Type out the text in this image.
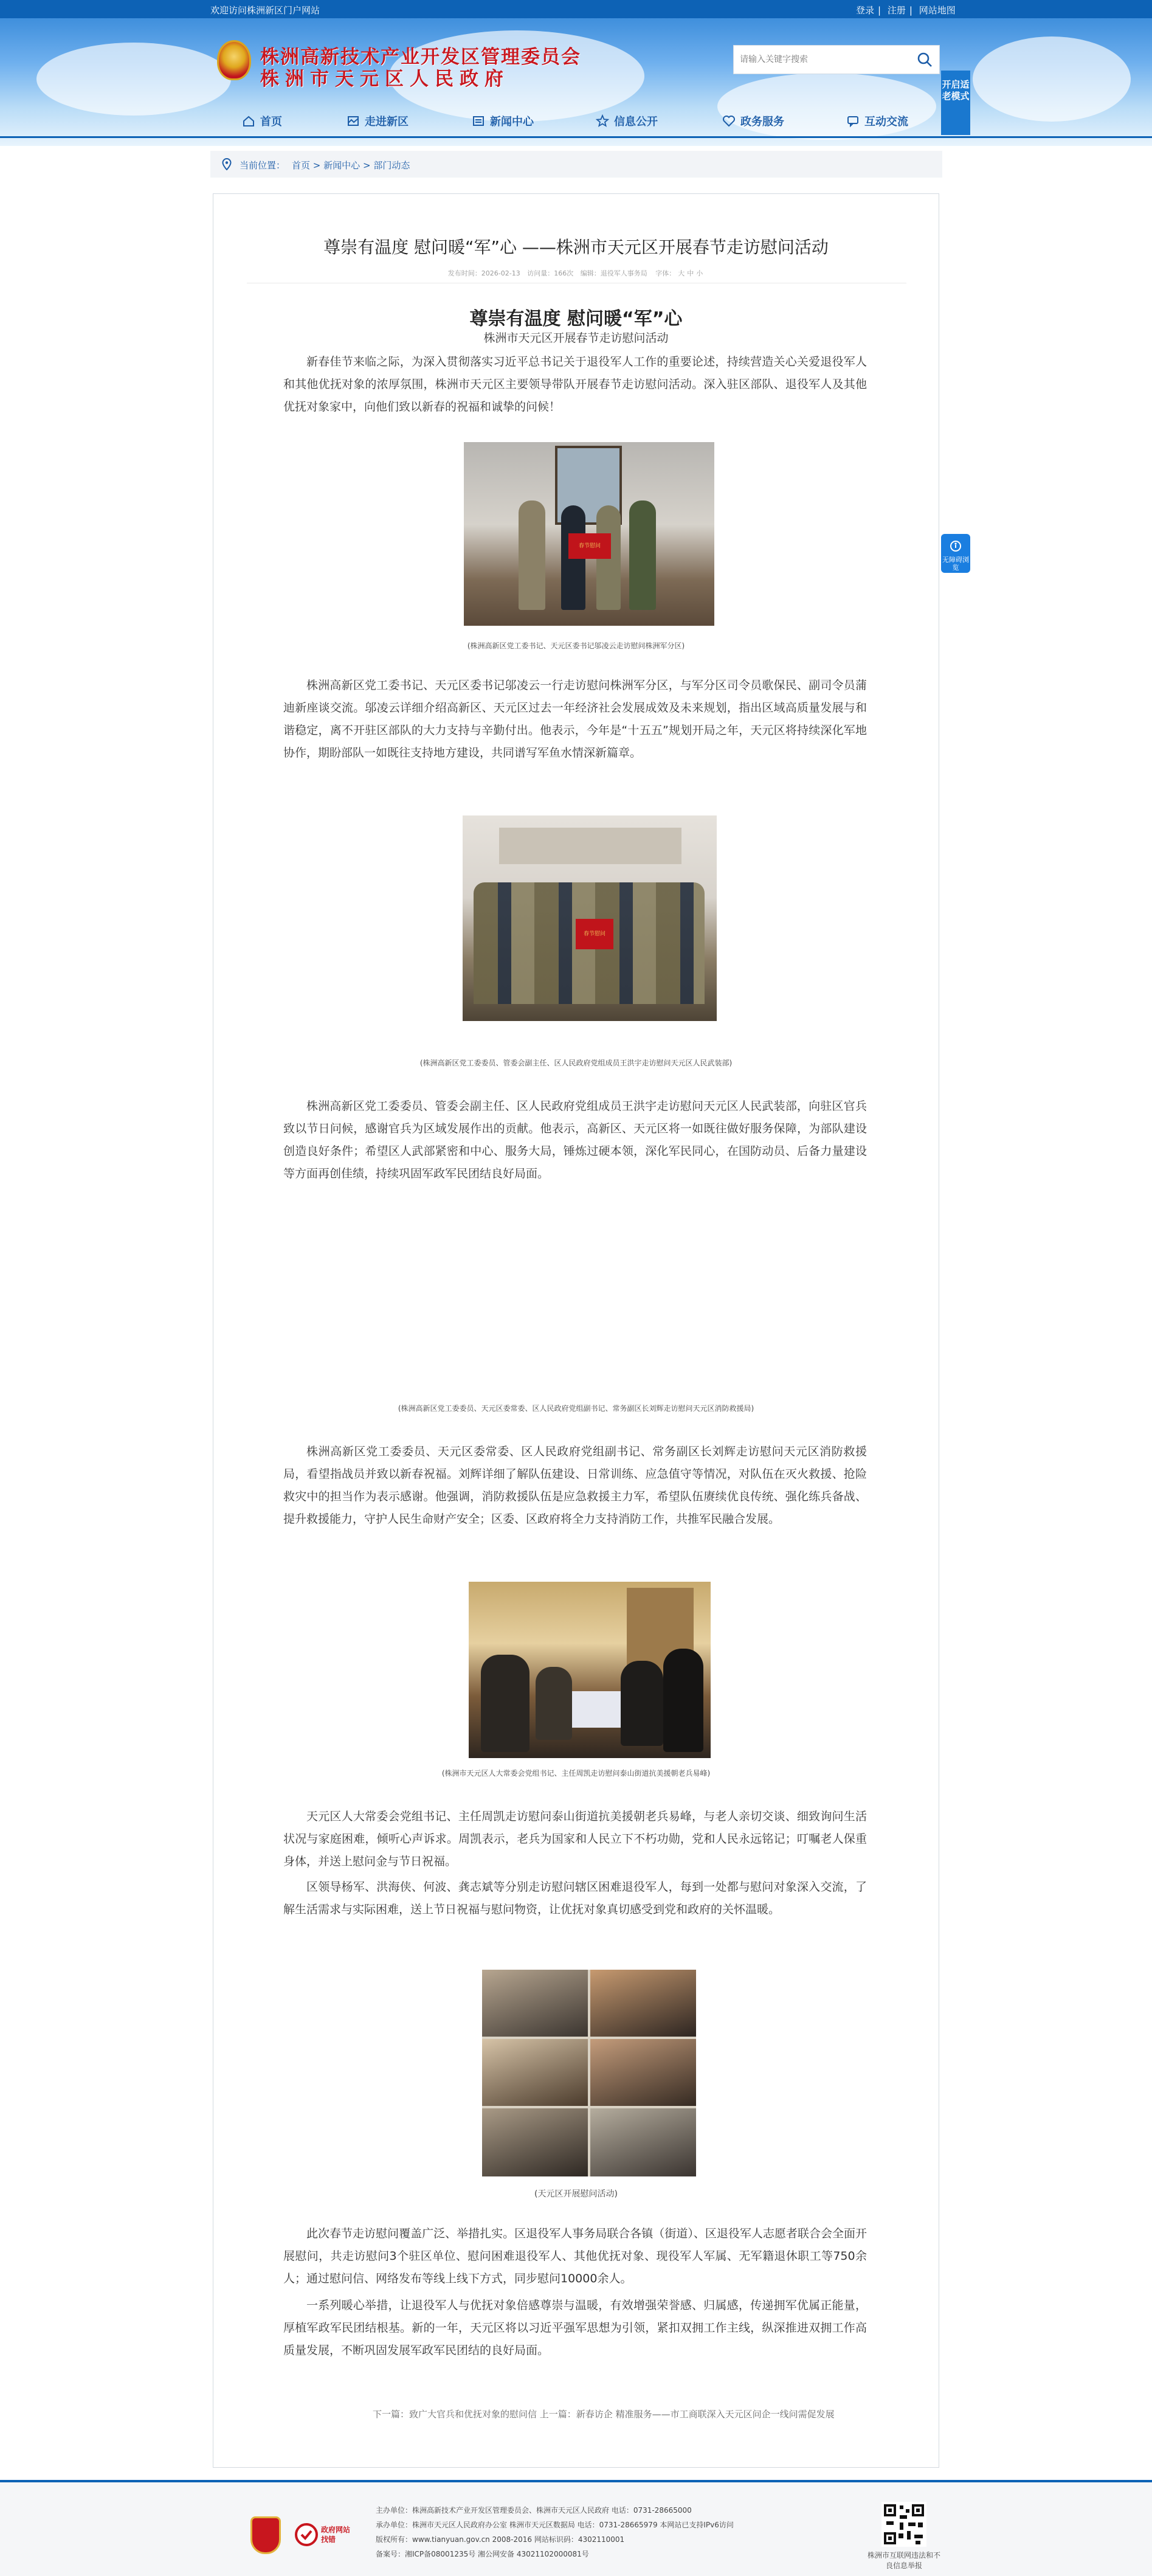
欢迎访问株洲新区门户网站	登录 | 注册 | 网站地图
株洲高新技术产业开发区管理委员会
株洲市天元区人民政府
请输入关键字搜索	开启适老模式
首页	走进新区	新闻中心	信息公开	政务服务	互动交流
当前位置： 首页 > 新闻中心 > 部门动态
尊崇有温度 慰问暖“军”心 ——株洲市天元区开展春节走访慰问活动
发布时间：2026-02-13 访问量：166次 编辑：退役军人事务局 字体： 大 中 小
尊崇有温度 慰问暖“军”心
株洲市天元区开展春节走访慰问活动
新春佳节来临之际，为深入贯彻落实习近平总书记关于退役军人工作的重要论述，持续营造关心关爱退役军人和其他优抚对象的浓厚氛围，株洲市天元区主要领导带队开展春节走访慰问活动。深入驻区部队、退役军人及其他优抚对象家中，向他们致以新春的祝福和诚挚的问候！
春节慰问
(株洲高新区党工委书记、天元区委书记邬凌云走访慰问株洲军分区)
株洲高新区党工委书记、天元区委书记邬凌云一行走访慰问株洲军分区，与军分区司令员歌保民、副司令员蒲迪新座谈交流。邬凌云详细介绍高新区、天元区过去一年经济社会发展成效及未来规划，指出区域高质量发展与和谐稳定，离不开驻区部队的大力支持与辛勤付出。他表示，今年是“十五五”规划开局之年，天元区将持续深化军地协作，期盼部队一如既往支持地方建设，共同谱写军鱼水情深新篇章。
春节慰问
(株洲高新区党工委委员、管委会副主任、区人民政府党组成员王洪宇走访慰问天元区人民武装部)
株洲高新区党工委委员、管委会副主任、区人民政府党组成员王洪宇走访慰问天元区人民武装部，向驻区官兵致以节日问候，感谢官兵为区域发展作出的贡献。他表示，高新区、天元区将一如既往做好服务保障，为部队建设创造良好条件；希望区人武部紧密和中心、服务大局，锤炼过硬本领，深化军民同心，在国防动员、后备力量建设等方面再创佳绩，持续巩固军政军民团结良好局面。
(株洲高新区党工委委员、天元区委常委、区人民政府党组副书记、常务副区长刘辉走访慰问天元区消防救援局)
株洲高新区党工委委员、天元区委常委、区人民政府党组副书记、常务副区长刘辉走访慰问天元区消防救援局，看望指战员并致以新春祝福。刘辉详细了解队伍建设、日常训练、应急值守等情况，对队伍在灭火救援、抢险救灾中的担当作为表示感谢。他强调，消防救援队伍是应急救援主力军，希望队伍赓续优良传统、强化练兵备战、提升救援能力，守护人民生命财产安全；区委、区政府将全力支持消防工作，共推军民融合发展。
(株洲市天元区人大常委会党组书记、主任周凯走访慰问泰山街道抗美援朝老兵易峰)
天元区人大常委会党组书记、主任周凯走访慰问泰山街道抗美援朝老兵易峰，与老人亲切交谈、细致询问生活状况与家庭困难，倾听心声诉求。周凯表示，老兵为国家和人民立下不朽功勋，党和人民永远铭记；叮嘱老人保重身体，并送上慰问金与节日祝福。
区领导杨军、洪海侠、何波、龚志斌等分别走访慰问辖区困难退役军人，每到一处都与慰问对象深入交流，了解生活需求与实际困难，送上节日祝福与慰问物资，让优抚对象真切感受到党和政府的关怀温暖。
(天元区开展慰问活动)
此次春节走访慰问覆盖广泛、举措扎实。区退役军人事务局联合各镇（街道）、区退役军人志愿者联合会全面开展慰问，共走访慰问3个驻区单位、慰问困难退役军人、其他优抚对象、现役军人军属、无军籍退休职工等750余人；通过慰问信、网络发布等线上线下方式，同步慰问10000余人。
一系列暖心举措，让退役军人与优抚对象倍感尊崇与温暖，有效增强荣誉感、归属感，传递拥军优属正能量，厚植军政军民团结根基。新的一年，天元区将以习近平强军思想为引领，紧扣双拥工作主线，纵深推进双拥工作高质量发展，不断巩固发展军政军民团结的良好局面。
下一篇：致广大官兵和优抚对象的慰问信 上一篇：新春访企 精准服务——市工商联深入天元区问企一线问需促发展
无障碍浏览
政府网站找错
主办单位：株洲高新技术产业开发区管理委员会、株洲市天元区人民政府 电话：0731-28665000
承办单位：株洲市天元区人民政府办公室 株洲市天元区数据局 电话：0731-28665979 本网站已支持IPv6访问
版权所有：www.tianyuan.gov.cn 2008-2016 网站标识码：4302110001
备案号：湘ICP备08001235号 湘公网安备 43021102000081号	株洲市互联网违法和不良信息举报
